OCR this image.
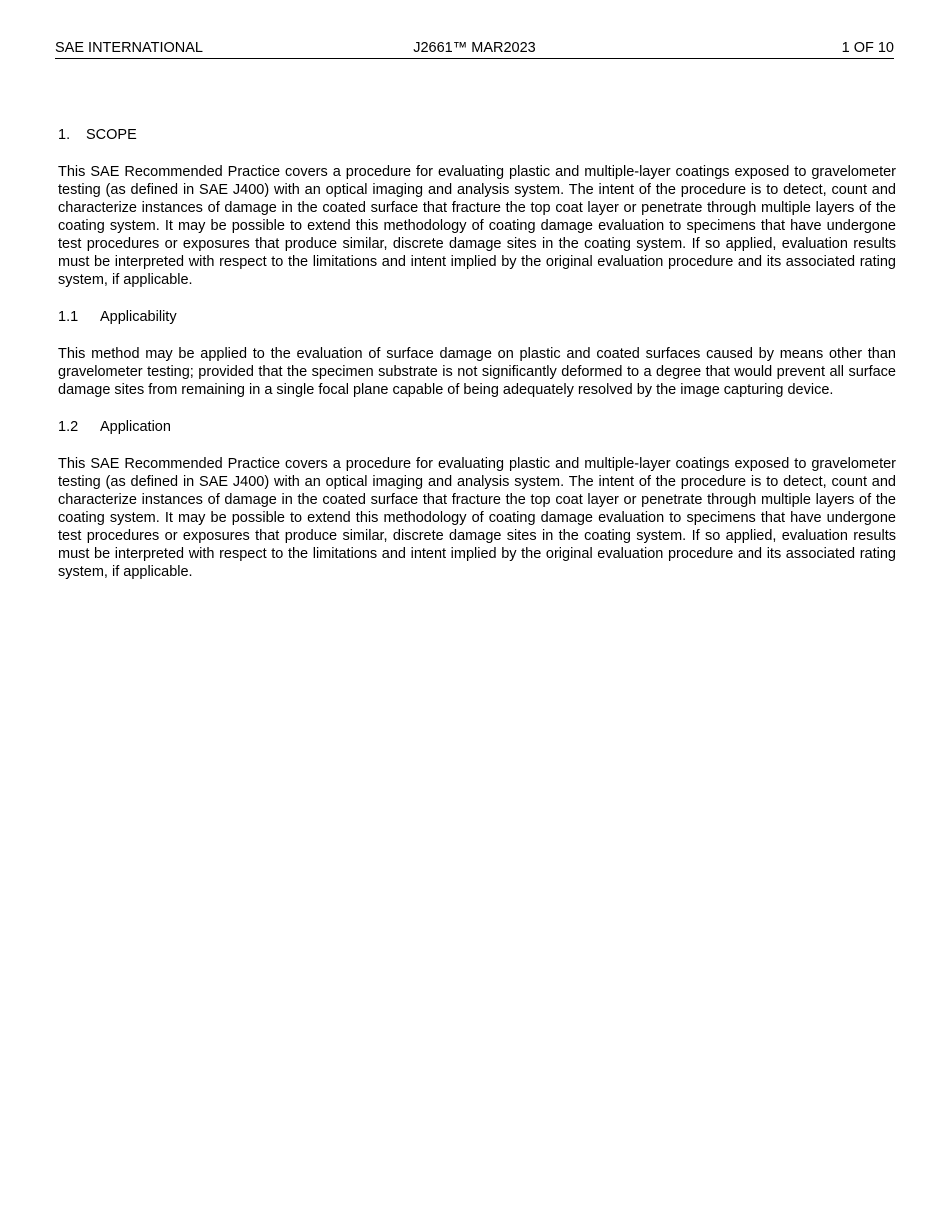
SAE INTERNATIONAL	J2661™ MAR2023	1 OF 10
1. SCOPE

This SAE Recommended Practice covers a procedure for evaluating plastic and multiple-layer coatings exposed to gravelometer testing (as defined in SAE J400) with an optical imaging and analysis system. The intent of the procedure is to detect, count and characterize instances of damage in the coated surface that fracture the top coat layer or penetrate through multiple layers of the coating system. It may be possible to extend this methodology of coating damage evaluation to specimens that have undergone test procedures or exposures that produce similar, discrete damage sites in the coating system. If so applied, evaluation results must be interpreted with respect to the limitations and intent implied by the original evaluation procedure and its associated rating system, if applicable.

1.1 Applicability

This method may be applied to the evaluation of surface damage on plastic and coated surfaces caused by means other than gravelometer testing; provided that the specimen substrate is not significantly deformed to a degree that would prevent all surface damage sites from remaining in a single focal plane capable of being adequately resolved by the image capturing device.

1.2 Application

This SAE Recommended Practice covers a procedure for evaluating plastic and multiple-layer coatings exposed to gravelometer testing (as defined in SAE J400) with an optical imaging and analysis system. The intent of the procedure is to detect, count and characterize instances of damage in the coated surface that fracture the top coat layer or penetrate through multiple layers of the coating system. It may be possible to extend this methodology of coating damage evaluation to specimens that have undergone test procedures or exposures that produce similar, discrete damage sites in the coating system. If so applied, evaluation results must be interpreted with respect to the limitations and intent implied by the original evaluation procedure and its associated rating system, if applicable.
